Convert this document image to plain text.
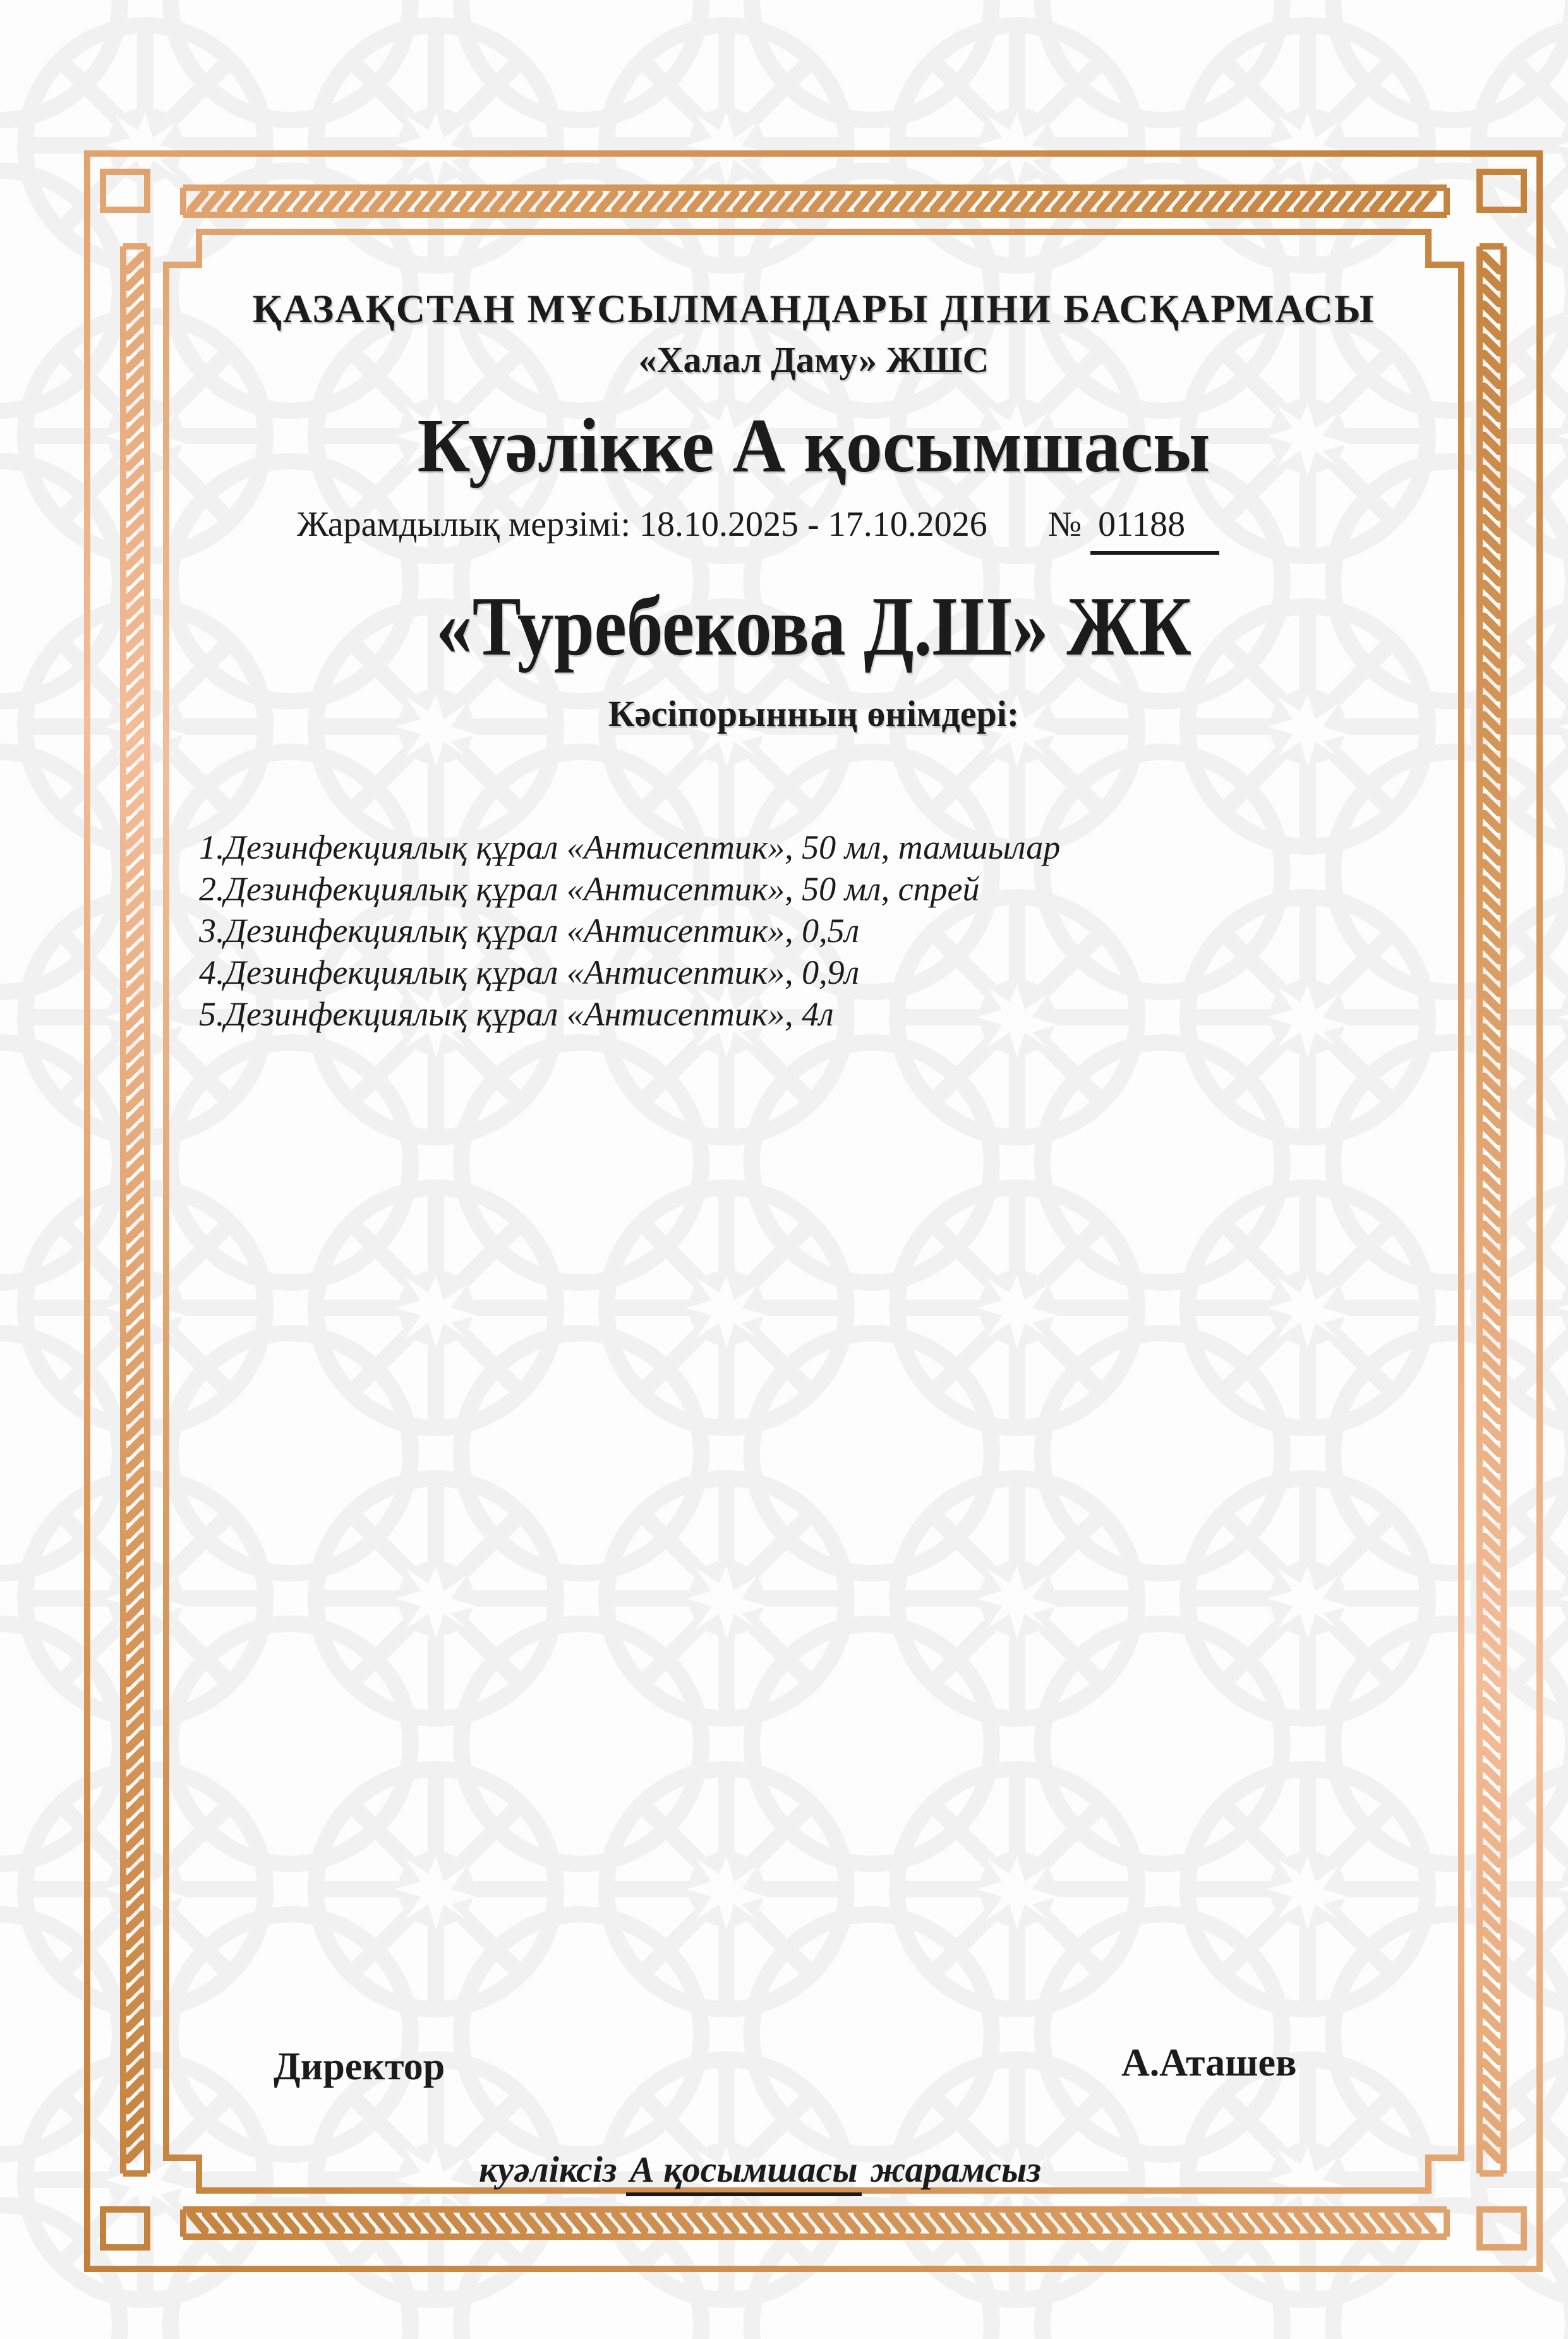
ҚАЗАҚСТАН МҰСЫЛМАНДАРЫ ДІНИ БАСҚАРМАСЫ
«Халал Даму» ЖШС
Куәлікке А қосымшасы
Жарамдылық мерзімі: 18.10.2025 - 17.10.2026 № 01188
«Туребекова Д.Ш» ЖК
Кәсіпорынның өнімдері:
1.Дезинфекциялық құрал «Антисептик», 50 мл, тамшылар
2.Дезинфекциялық құрал «Антисептик», 50 мл, спрей
3.Дезинфекциялық құрал «Антисептик», 0,5л
4.Дезинфекциялық құрал «Антисептик», 0,9л
5.Дезинфекциялық құрал «Антисептик», 4л
Директор	А.Аташев
куәліксіз А қосымшасы жарамсыз
